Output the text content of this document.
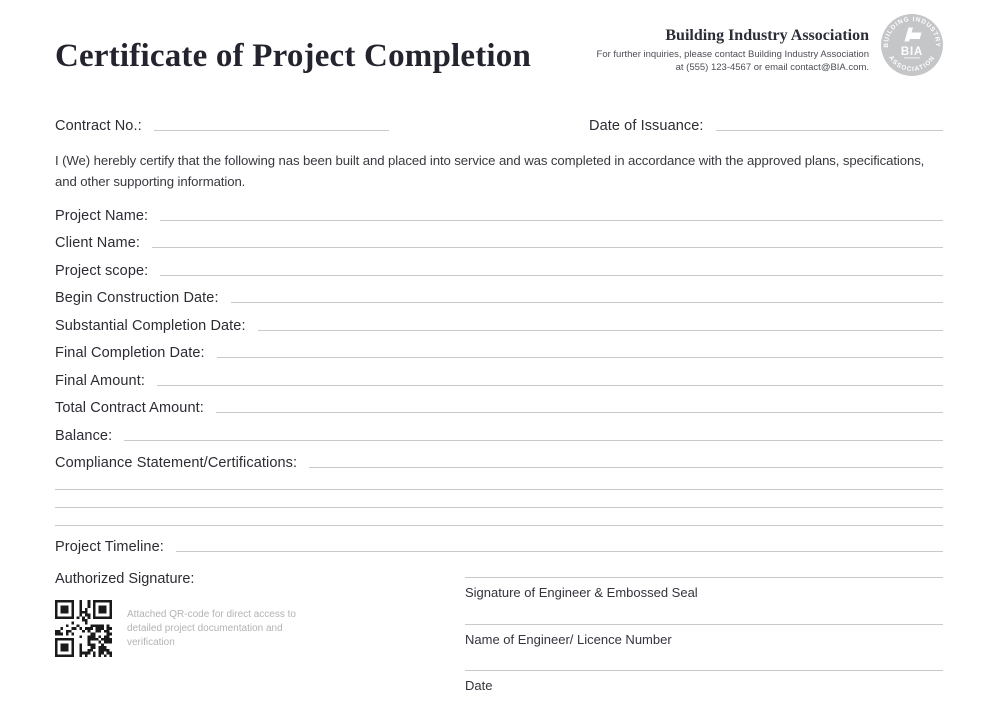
Certificate of Project Completion
Building Industry Association
For further inquiries, please contact Building Industry Association
at (555) 123-4567 or email contact@BIA.com.
BUILDING INDUSTRY
ASSOCIATION
BIA
Contract No.:	Date of Issuance:

I (We) herebly certify that the following nas been built and placed into service and was completed in accordance with the approved plans, specifications, and other supporting information.

Project Name:
Client Name:
Project scope:
Begin Construction Date:
Substantial Completion Date:
Final Completion Date:
Final Amount:
Total Contract Amount:
Balance:
Compliance Statement/Certifications:
Project Timeline:
Authorized Signature:
Attached QR-code for direct access to detailed project documentation and verification
Signature of Engineer & Embossed Seal
Name of Engineer/ Licence Number
Date
